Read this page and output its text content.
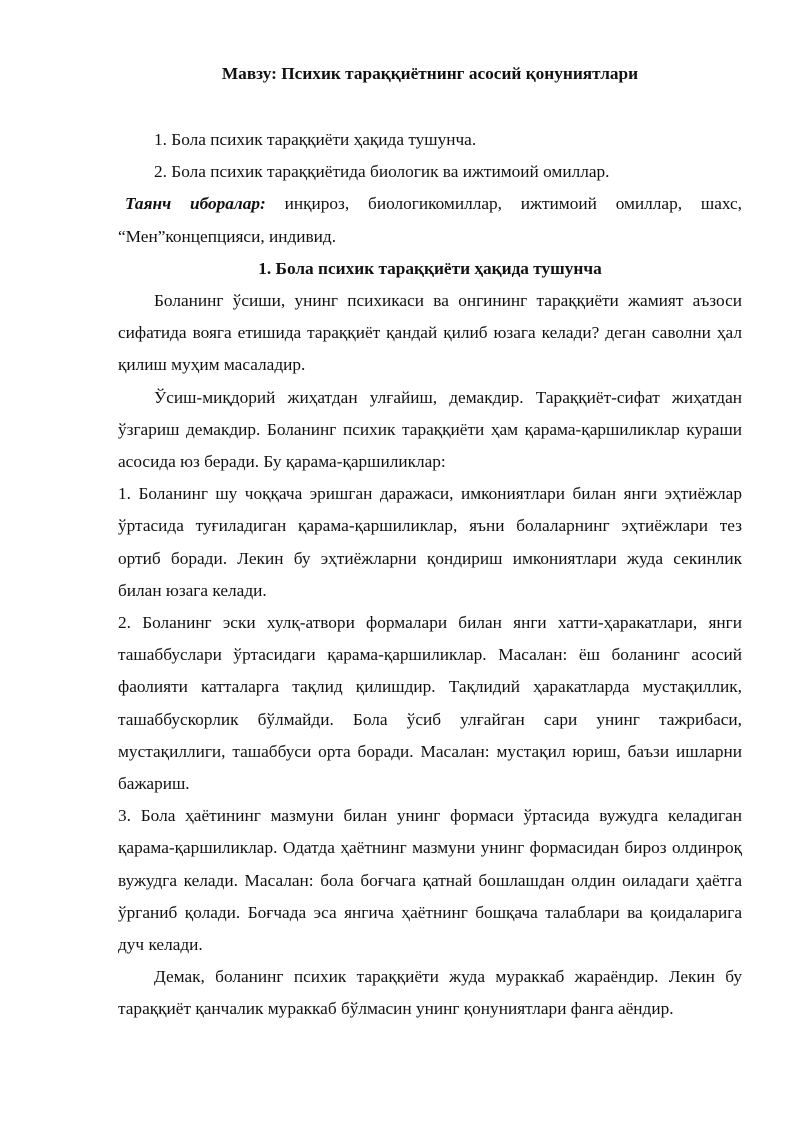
Мавзу: Психик тараққиётнинг асосий қонуниятлари

1. Бола психик тараққиёти ҳақида тушунча.

2. Бола психик тараққиётида биологик ва ижтимоий омиллар.

Таянч иборалар: инқироз, биологикомиллар, ижтимоий омиллар, шахс, “Мен”концепцияси, индивид.

1. Бола психик тараққиёти ҳақида тушунча

Боланинг ўсиши, унинг психикаси ва онгининг тараққиёти жамият аъзоси сифатида вояга етишида тараққиёт қандай қилиб юзага келади? деган саволни ҳал қилиш муҳим масаладир.

Ўсиш-миқдорий жиҳатдан улғайиш, демакдир. Тараққиёт-сифат жиҳатдан ўзгариш демакдир. Боланинг психик тараққиёти ҳам қарама-қаршиликлар кураши асосида юз беради. Бу қарама-қаршиликлар:

1. Боланинг шу чоққача эришган даражаси, имкониятлари билан янги эҳтиёжлар ўртасида туғиладиган қарама-қаршиликлар, яъни болаларнинг эҳтиёжлари тез ортиб боради. Лекин бу эҳтиёжларни қондириш имкониятлари жуда секинлик билан юзага келади.

2. Боланинг эски хулқ-атвори формалари билан янги хатти-ҳаракатлари, янги ташаббуслари ўртасидаги қарама-қаршиликлар. Масалан: ёш боланинг асосий фаолияти катталарга тақлид қилишдир. Тақлидий ҳаракатларда мустақиллик, ташаббускорлик бўлмайди. Бола ўсиб улғайган сари унинг тажрибаси, мустақиллиги, ташаббуси орта боради. Масалан: мустақил юриш, баъзи ишларни бажариш.

3. Бола ҳаётининг мазмуни билан унинг формаси ўртасида вужудга келадиган қарама-қаршиликлар. Одатда ҳаётнинг мазмуни унинг формасидан бироз олдинроқ вужудга келади. Масалан: бола боғчага қатнай бошлашдан олдин оиладаги ҳаётга ўрганиб қолади. Боғчада эса янгича ҳаётнинг бошқача талаблари ва қоидаларига дуч келади.

Демак, боланинг психик тараққиёти жуда мураккаб жараёндир. Лекин бу тараққиёт қанчалик мураккаб бўлмасин унинг қонуниятлари фанга аёндир.
